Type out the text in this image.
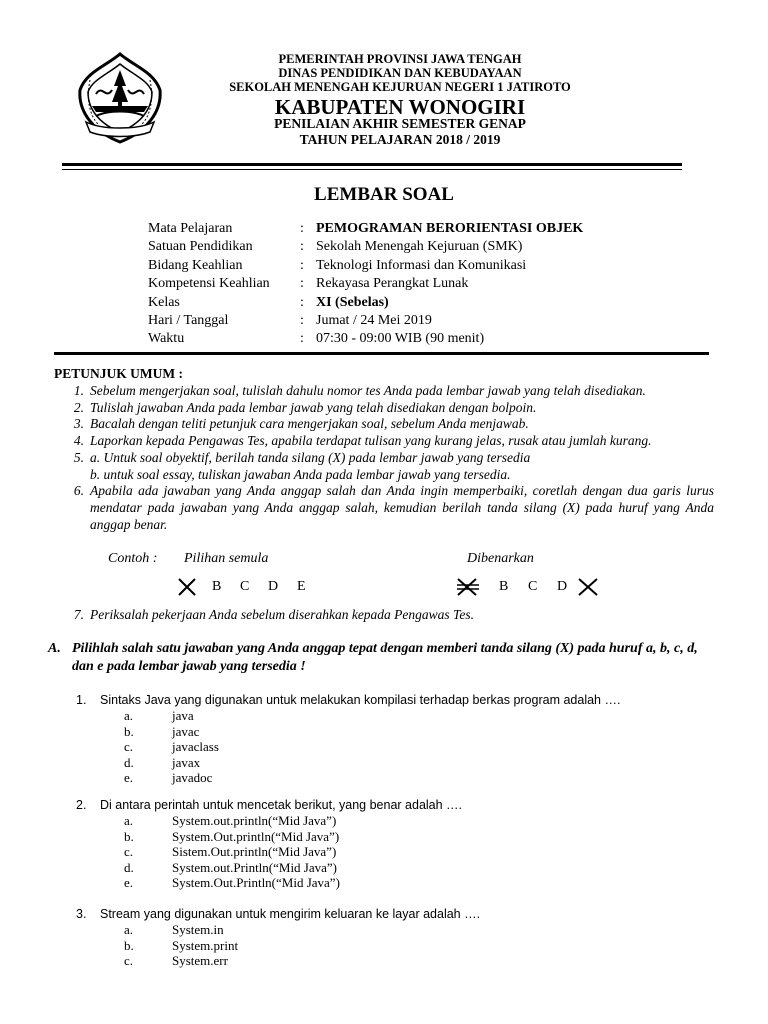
PEMERINTAH PROVINSI JAWA TENGAH
DINAS PENDIDIKAN DAN KEBUDAYAAN
SEKOLAH MENENGAH KEJURUAN NEGERI 1 JATIROTO
KABUPATEN WONOGIRI
PENILAIAN AKHIR SEMESTER GENAP
TAHUN PELAJARAN 2018 / 2019
LEMBAR SOAL
Mata Pelajaran	:	PEMOGRAMAN BERORIENTASI OBJEK
Satuan Pendidikan	:	Sekolah Menengah Kejuruan (SMK)
Bidang Keahlian	:	Teknologi Informasi dan Komunikasi
Kompetensi Keahlian	:	Rekayasa Perangkat Lunak
Kelas	:	XI (Sebelas)
Hari / Tanggal	:	Jumat / 24 Mei 2019
Waktu	:	07:30 - 09:00 WIB (90 menit)
PETUNJUK UMUM :
1. Sebelum mengerjakan soal, tulislah dahulu nomor tes Anda pada lembar jawab yang telah disediakan.
2. Tulislah jawaban Anda pada lembar jawab yang telah disediakan dengan bolpoin.
3. Bacalah dengan teliti petunjuk cara mengerjakan soal, sebelum Anda menjawab.
4. Laporkan kepada Pengawas Tes, apabila terdapat tulisan yang kurang jelas, rusak atau jumlah kurang.
5. a. Untuk soal obyektif, berilah tanda silang (X) pada lembar jawab yang tersedia
b. untuk soal essay, tuliskan jawaban Anda pada lembar jawab yang tersedia.
6. Apabila ada jawaban yang Anda anggap salah dan Anda ingin memperbaiki, coretlah dengan dua garis lurus mendatar pada jawaban yang Anda anggap salah, kemudian berilah tanda silang (X) pada huruf yang Anda anggap benar.
Contoh : Pilihan semula	Dibenarkan
B C D E	B C D
7. Periksalah pekerjaan Anda sebelum diserahkan kepada Pengawas Tes.
A. Pilihlah salah satu jawaban yang Anda anggap tepat dengan memberi tanda silang (X) pada huruf a, b, c, d, dan e pada lembar jawab yang tersedia !
1.	Sintaks Java yang digunakan untuk melakukan kompilasi terhadap berkas program adalah ….
a.	java
b.	javac
c.	javaclass
d.	javax
e.	javadoc
2.	Di antara perintah untuk mencetak berikut, yang benar adalah ….
a.	System.out.println(“Mid Java”)
b.	System.Out.println(“Mid Java”)
c.	Sistem.Out.println(“Mid Java”)
d.	System.out.Println(“Mid Java”)
e.	System.Out.Println(“Mid Java”)
3.	Stream yang digunakan untuk mengirim keluaran ke layar adalah ….
a.	System.in
b.	System.print
c.	System.err
